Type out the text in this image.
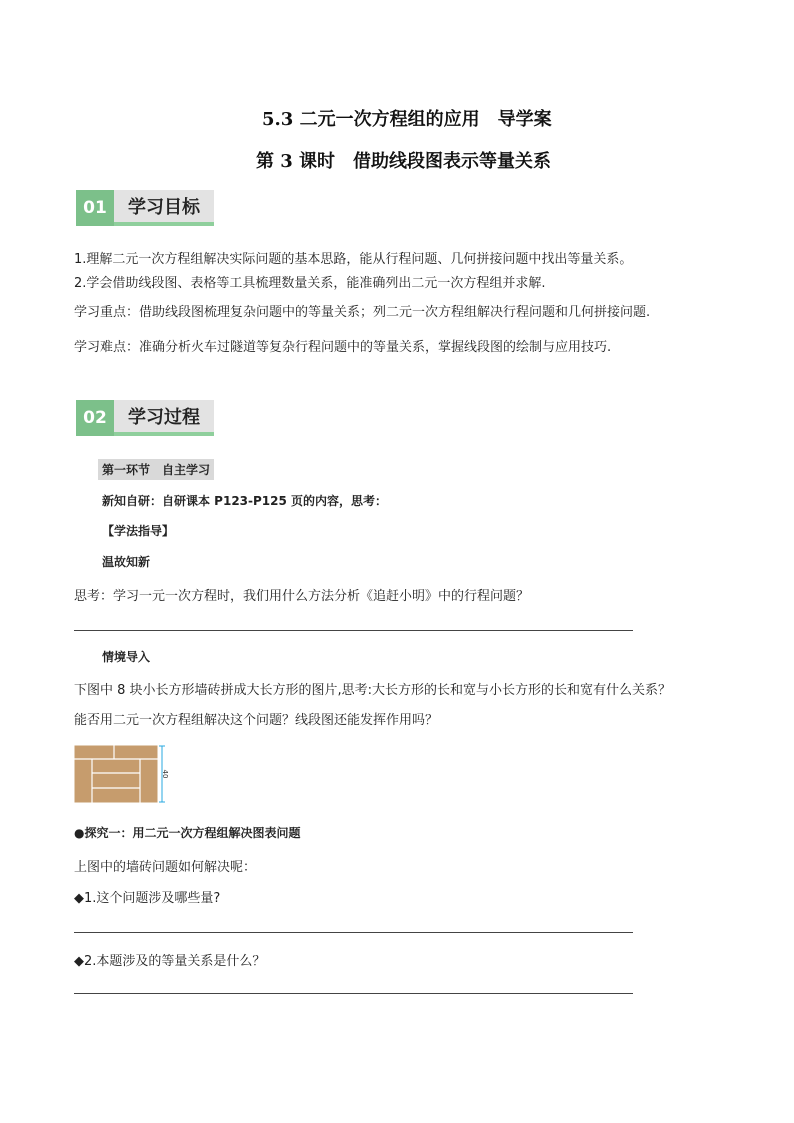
5.3 二元一次方程组的应用　导学案
第 3 课时　借助线段图表示等量关系
01	学习目标
1.理解二元一次方程组解决实际问题的基本思路，能从行程问题、几何拼接问题中找出等量关系。
2.学会借助线段图、表格等工具梳理数量关系，能准确列出二元一次方程组并求解.
学习重点：借助线段图梳理复杂问题中的等量关系；列二元一次方程组解决行程问题和几何拼接问题.
学习难点：准确分析火车过隧道等复杂行程问题中的等量关系，掌握线段图的绘制与应用技巧.
02	学习过程
第一环节　自主学习
新知自研：自研课本 P123-P125 页的内容，思考：
【学法指导】
温故知新
思考：学习一元一次方程时，我们用什么方法分析《追赶小明》中的行程问题？
情境导入
下图中 8 块小长方形墙砖拼成大长方形的图片,思考:大长方形的长和宽与小长方形的长和宽有什么关系？
能否用二元一次方程组解决这个问题？线段图还能发挥作用吗？
40
●探究一：用二元一次方程组解决图表问题
上图中的墙砖问题如何解决呢：
◆1.这个问题涉及哪些量?
◆2.本题涉及的等量关系是什么？
